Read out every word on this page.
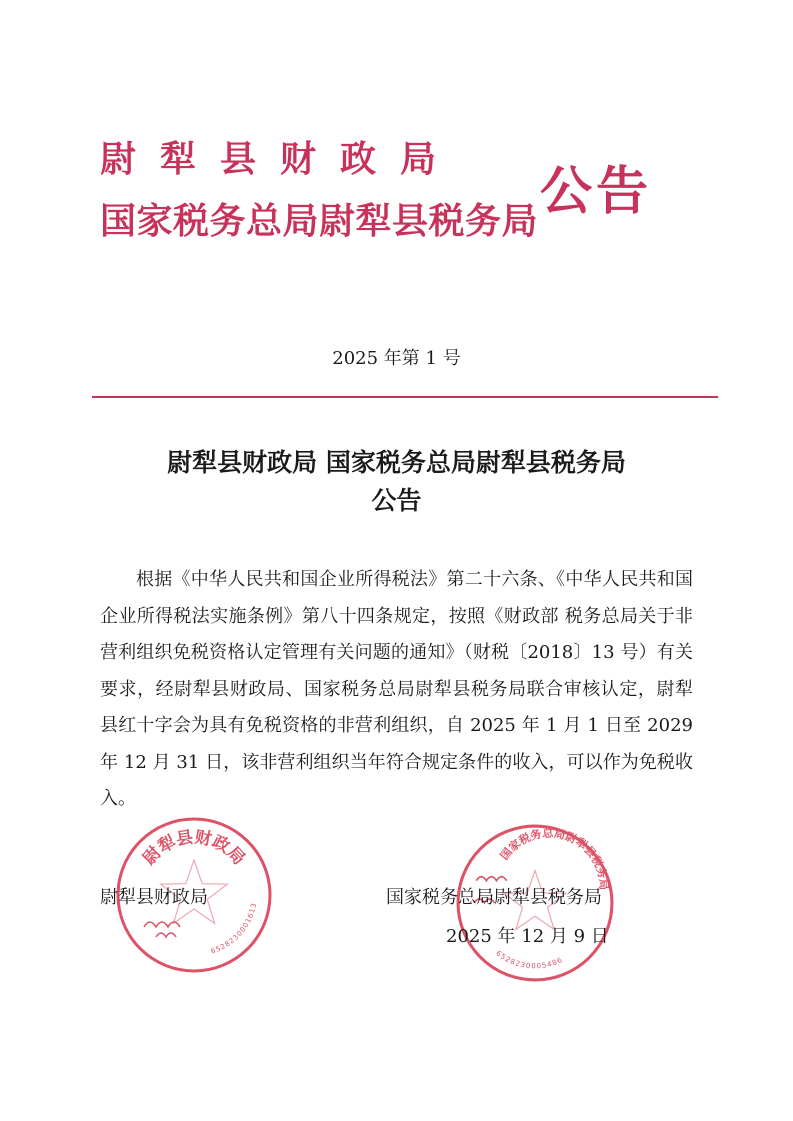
尉犁县财政局
国家税务总局尉犁县税务局 公告
2025 年第 1 号
尉犁县财政局 国家税务总局尉犁县税务局
公告

根据《中华人民共和国企业所得税法》第二十六条、《中华人民共和国企业所得税法实施条例》第八十四条规定，按照《财政部 税务总局关于非营利组织免税资格认定管理有关问题的通知》（财税〔2018〕13 号）有关要求，经尉犁县财政局、国家税务总局尉犁县税务局联合审核认定，尉犁县红十字会为具有免税资格的非营利组织，自 2025 年 1 月 1 日至 2029 年 12 月 31 日，该非营利组织当年符合规定条件的收入，可以作为免税收入。

尉犁县财政局
6528230001613
国家税务总局尉犁县税务局
6528230005486
尉犁县财政局	国家税务总局尉犁县税务局
2025 年 12 月 9 日
